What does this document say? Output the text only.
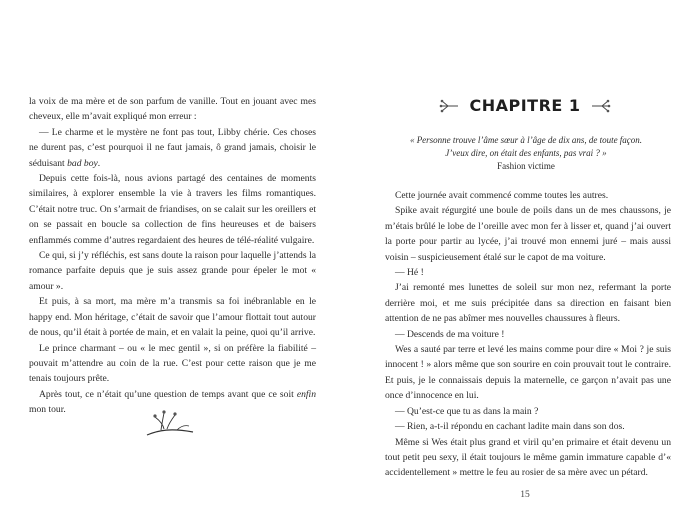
la voix de ma mère et de son parfum de vanille. Tout en jouant avec mes cheveux, elle m’avait expliqué mon erreur :

— Le charme et le mystère ne font pas tout, Libby chérie. Ces choses ne durent pas, c’est pourquoi il ne faut jamais, ô grand jamais, choisir le séduisant bad boy.

Depuis cette fois-là, nous avions partagé des centaines de moments similaires, à explorer ensemble la vie à travers les films romantiques. C’était notre truc. On s’armait de friandises, on se calait sur les oreillers et on se passait en boucle sa collection de fins heureuses et de baisers enflammés comme d’autres regardaient des heures de télé-réalité vulgaire.

Ce qui, si j’y réfléchis, est sans doute la raison pour laquelle j’attends la romance parfaite depuis que je suis assez grande pour épeler le mot « amour ».

Et puis, à sa mort, ma mère m’a transmis sa foi inébranlable en le happy end. Mon héritage, c’était de savoir que l’amour flottait tout autour de nous, qu’il était à portée de main, et en valait la peine, quoi qu’il arrive.

Le prince charmant – ou « le mec gentil », si on préfère la fiabilité – pouvait m’attendre au coin de la rue. C’est pour cette raison que je me tenais toujours prête.

Après tout, ce n’était qu’une question de temps avant que ce soit enfin mon tour.

CHAPITRE 1
« Personne trouve l’âme sœur à l’âge de dix ans, de toute façon.
J’veux dire, on était des enfants, pas vrai ? »
Fashion victime

Cette journée avait commencé comme toutes les autres.

Spike avait régurgité une boule de poils dans un de mes chaussons, je m’étais brûlé le lobe de l’oreille avec mon fer à lisser et, quand j’ai ouvert la porte pour partir au lycée, j’ai trouvé mon ennemi juré – mais aussi voisin – suspicieusement étalé sur le capot de ma voiture.

— Hé !

J’ai remonté mes lunettes de soleil sur mon nez, refermant la porte derrière moi, et me suis précipitée dans sa direction en faisant bien attention de ne pas abîmer mes nouvelles chaussures à fleurs.

— Descends de ma voiture !

Wes a sauté par terre et levé les mains comme pour dire « Moi ? je suis innocent ! » alors même que son sourire en coin prouvait tout le contraire. Et puis, je le connaissais depuis la maternelle, ce garçon n’avait pas une once d’innocence en lui.

— Qu’est-ce que tu as dans la main ?

— Rien, a-t-il répondu en cachant ladite main dans son dos.

Même si Wes était plus grand et viril qu’en primaire et était devenu un tout petit peu sexy, il était toujours le même gamin immature capable d’« accidentellement » mettre le feu au rosier de sa mère avec un pétard.

15
